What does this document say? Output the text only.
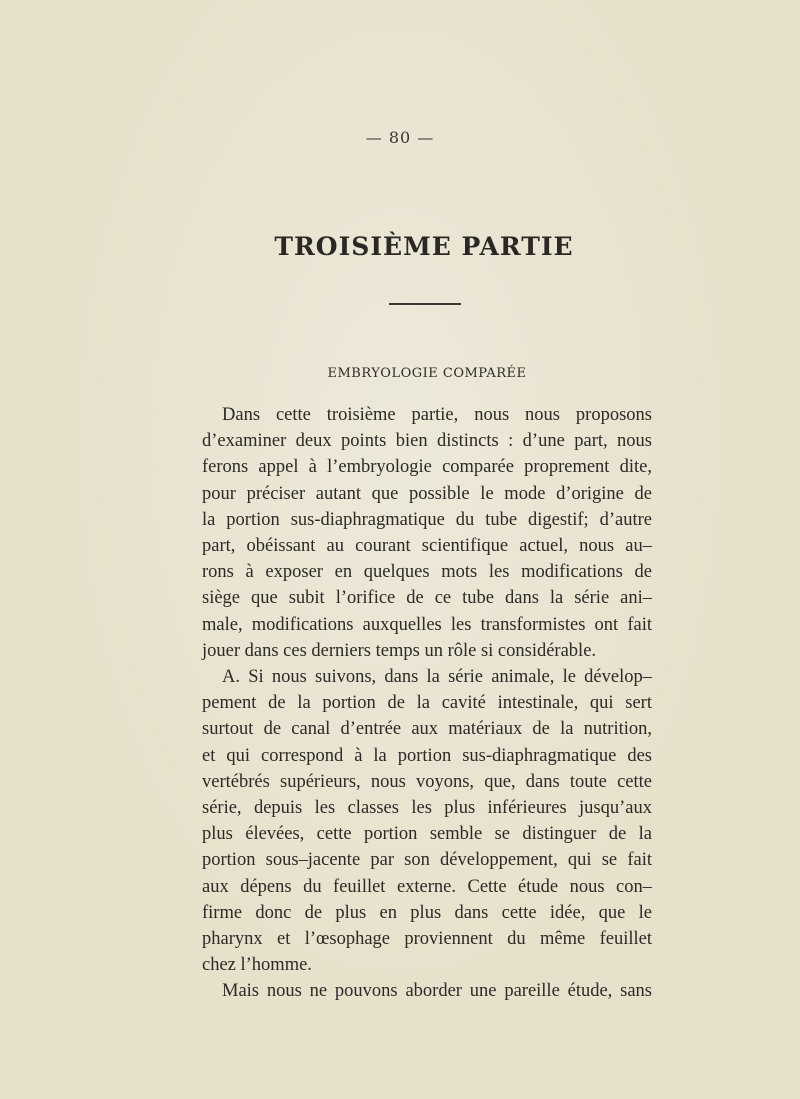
— 80 —
TROISIÈME PARTIE
EMBRYOLOGIE COMPARÉE
Dans cette troisième partie, nous nous proposons
d’examiner deux points bien distincts : d’une part, nous
ferons appel à l’embryologie comparée proprement dite,
pour préciser autant que possible le mode d’origine de
la portion sus-diaphragmatique du tube digestif; d’autre
part, obéissant au courant scientifique actuel, nous au–
rons à exposer en quelques mots les modifications de
siège que subit l’orifice de ce tube dans la série ani–
male, modifications auxquelles les transformistes ont fait
jouer dans ces derniers temps un rôle si considérable.
A. Si nous suivons, dans la série animale, le dévelop–
pement de la portion de la cavité intestinale, qui sert
surtout de canal d’entrée aux matériaux de la nutrition,
et qui correspond à la portion sus-diaphragmatique des
vertébrés supérieurs, nous voyons, que, dans toute cette
série, depuis les classes les plus inférieures jusqu’aux
plus élevées, cette portion semble se distinguer de la
portion sous–jacente par son développement, qui se fait
aux dépens du feuillet externe. Cette étude nous con–
firme donc de plus en plus dans cette idée, que le
pharynx et l’œsophage proviennent du même feuillet
chez l’homme.
Mais nous ne pouvons aborder une pareille étude, sans
